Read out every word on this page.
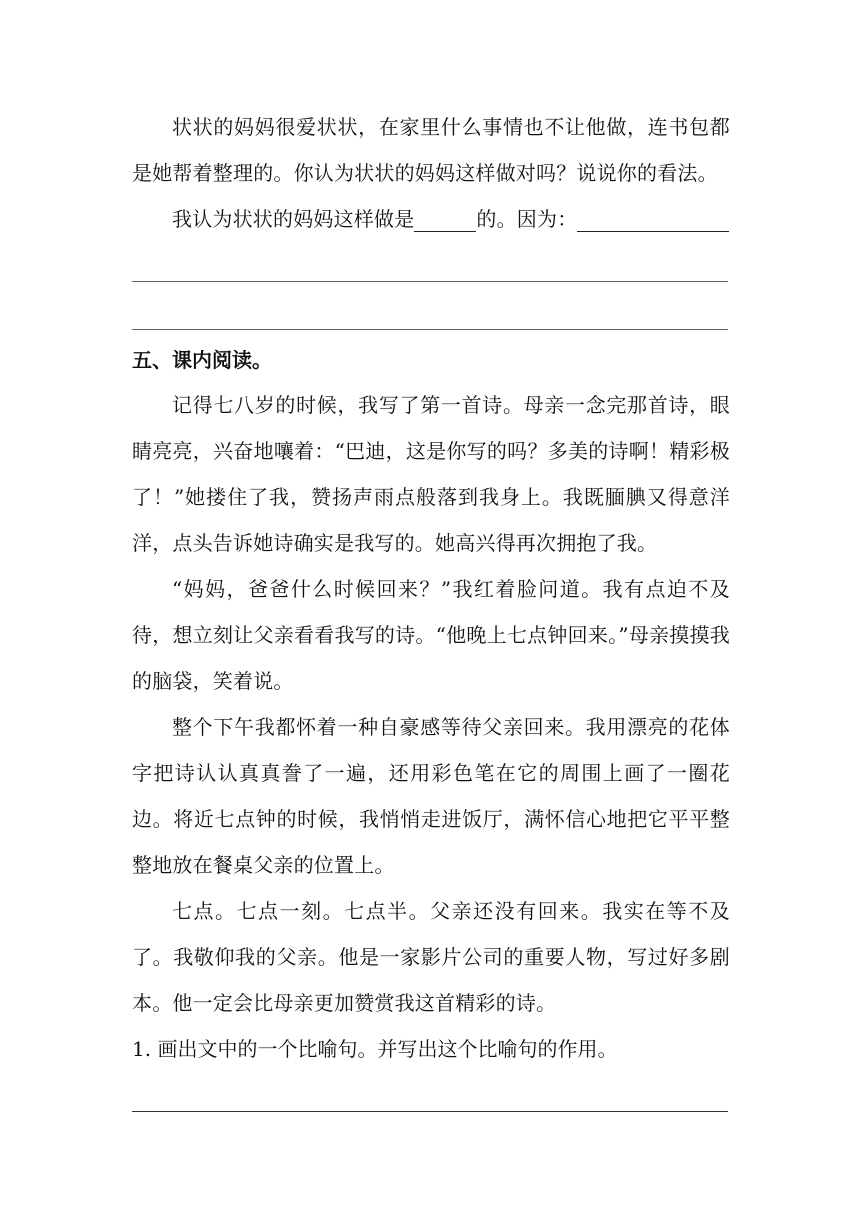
状状的妈妈很爱状状，在家里什么事情也不让他做，连书包都是她帮着整理的。你认为状状的妈妈这样做对吗？说说你的看法。

我认为状状的妈妈这样做是	的。因为：

五、课内阅读。

记得七八岁的时候，我写了第一首诗。母亲一念完那首诗，眼睛亮亮，兴奋地嚷着：“巴迪，这是你写的吗？多美的诗啊！精彩极了！”她搂住了我，赞扬声雨点般落到我身上。我既腼腆又得意洋洋，点头告诉她诗确实是我写的。她高兴得再次拥抱了我。

“妈妈，爸爸什么时候回来？”我红着脸问道。我有点迫不及待，想立刻让父亲看看我写的诗。“他晚上七点钟回来。”母亲摸摸我的脑袋，笑着说。

整个下午我都怀着一种自豪感等待父亲回来。我用漂亮的花体字把诗认认真真誊了一遍，还用彩色笔在它的周围上画了一圈花边。将近七点钟的时候，我悄悄走进饭厅，满怀信心地把它平平整整地放在餐桌父亲的位置上。

七点。七点一刻。七点半。父亲还没有回来。我实在等不及了。我敬仰我的父亲。他是一家影片公司的重要人物，写过好多剧本。他一定会比母亲更加赞赏我这首精彩的诗。

1. 画出文中的一个比喻句。并写出这个比喻句的作用。
